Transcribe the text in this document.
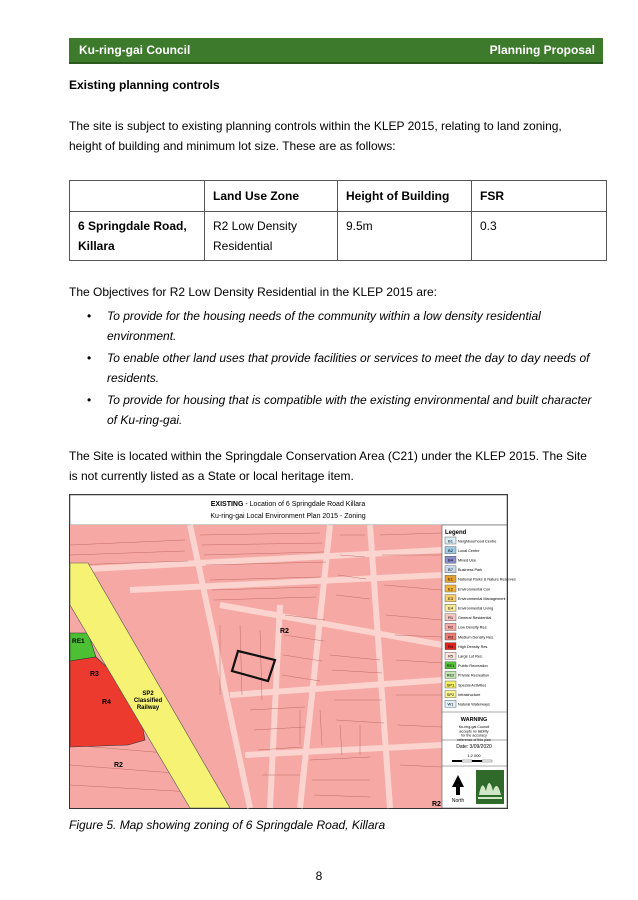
Ku-ring-gai Council	Planning Proposal
Existing planning controls
The site is subject to existing planning controls within the KLEP 2015, relating to land zoning, height of building and minimum lot size. These are as follows:
	Land Use Zone	Height of Building	FSR
6 Springdale Road, Killara	R2 Low Density Residential	9.5m	0.3
The Objectives for R2 Low Density Residential in the KLEP 2015 are:
• To provide for the housing needs of the community within a low density residential environment.
• To enable other land uses that provide facilities or services to meet the day to day needs of residents.
• To provide for housing that is compatible with the existing environmental and built character of Ku-ring-gai.
The Site is located within the Springdale Conservation Area (C21) under the KLEP 2015. The Site is not currently listed as a State or local heritage item.
EXISTING - Location of 6 Springdale Road Killara
Ku-ring-gai Local Environment Plan 2015 - Zoning
R2
R2
R2
RE1
R3
R4
SP2 Classified Railway
Legend
B1 Neighbourhood Centre
B2 Local Centre
B4 Mixed Use
B7 Business Park
E1 National Parks & Nature Reserves
E2 Environmental Con
E3 Environmental Management
E4 Environmental Living
R1 General Residential
R2 Low Density Res.
R3 Medium Density Res.
R4 High Density Res.
R5 Large Lot Res.
RE1 Public Recreation
RE2 Private Recreation
SP1 Special Activities
SP2 Infrastructure
W1 Natural Waterways
WARNING
Ku-ring-gai Council accepts no liability for the accuracy reference of this plan
Date: 3/09/2020
1:2 000
North
Figure 5. Map showing zoning of 6 Springdale Road, Killara
8
